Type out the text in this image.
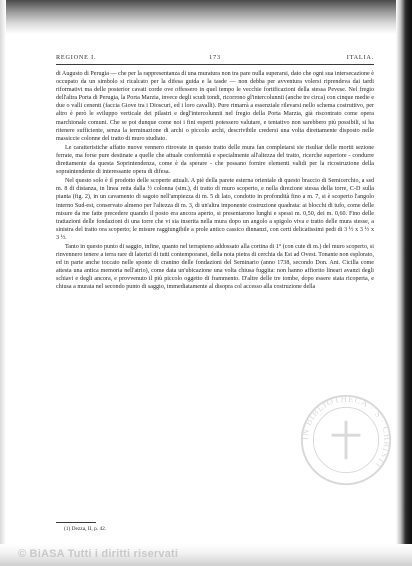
REGIONE I.	173	ITALIA.

di Augusto di Perugia — che per la rappresentanza di una muratura non tra pare nulla superarsi, dato che ogni sua intersecazione è occupato da un simbolo si ricalcato per la difesa guida e la tasde — non debba per avventura volersi riprendeva dai tardi riformativi ma delle posterior cavati corde ove offessero in quel tempo le vecchie fortificazioni della stessa Pevese. Nel fregio dell'altra Porta di Perugia, la Porta Marzia, invece degli scudi tondi, ricorrono gl'intercolunnii (anche tre circa) con cinque medie e due o valli cenenti (faccia Giove tra i Dioscuri, ed i loro cavalli). Pure rimarrà a essenziale rilevarsi nello schema costruttivo, per altro è però le sviluppo verticale dei pilastri e degl'intercolunnii nel fregio della Porta Marzia, già riscontrato come opera marchionale comuni. Che se poi dunque come noi i fini esperti potessero valutare, e tentativo non sarebbero più possibili, si ha ritenere sufficiente, senza la terminazione di archi o piccolo archi, descrivibile credersi una volta direttamente disposto nelle massiccie colonne del tratto di muro studiato.

Le caratteristiche affatto nuove vennero ritrovate in questo tratto delle mura fan completarsi sie risultar delle mortii sezione ferrate, ma forse pure destinate a quelle che attuale conformità e specialmente all'altezza del tratto, ricerche superiore - condurre direttamente da questa Soprintendenza, come è da sperare - che possano fornire elementi validi per la ricostruzione della sopraintendente di interessante opera di difesa.

Nel questo solo è il prodotto delle scoperte attuali. A piè della parete esterna orientale di questo braccio di Semicerchio, a ssd m. 8 di distanza, in linea retta dalla ½ colonna (sim.), di tratto di muro scoperto, e nella direzione stessa della torre, C-D sulla pianta (fig. 2), in un cavamento di sagoio nell'ampiezza di m. 5 di lato, condotto in profondità fino a m. 7, si è scoperto l'angolo interno Sud-est, conservato almeno per l'altezza di m. 3, di un'altra imponente costruzione quadrata: ai blocchi di tufo, come delle misure da me fatte precedere quando il posto era ancora aperto, si presentarono lunghi e spessi m. 0,50, dei m. 0,60. Fino delle trattazioni delle fondazioni di una torre che vi sia inserita nella mura dopo un angolo a spigolo viva e tratto delle mura stesse, a sinistra del tratto ora scoperto; le misure raggiungibile a prole antico cassico dinnanzi, con certi delicatissimi pedi di 3 ½ x 3 ½ x 3 ½.

Tanto in questo punto di saggio, infine, quanto nel terrapieno addossato alla cortina di 1° (con cute di m.) del muro scoperto, si rinvennero tenere a terra rare di laterizi di tutti contemporanei, della nota pietra di cerchia da Est ad Ovest. Tonante non esplorato, ed in parte anche toccato nelle sponte di cranino delle fondazioni del Seminario (anno 1738, secondo Don. Ant. Cicilla come attesta una antica memoria nell'atrio), come data un'ubicazione una volta chiusa fuggita: non hanno affiorito lineari avanzi degli schiavi e degli ancora, e provvenuto il più piccolo oggetto di frammento. D'altre delle tre tombe, dopo essere stata ricoperta, e chiusa a murata nel secondo punto di saggio, immediatamente al disopra col accesso alla costruzione della

IN BIBLIOTHECA · S · CHRISTI
(1) Dezza, II, p. 42.
© BiASA Tutti i diritti riservati
